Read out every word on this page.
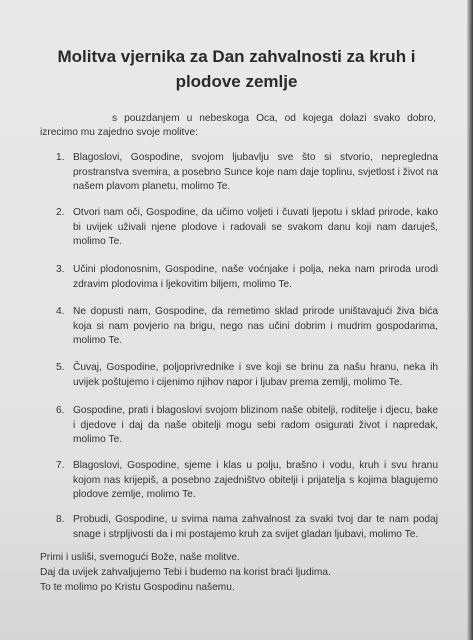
Molitva vjernika za Dan zahvalnosti za kruh i
plodove zemlje
s pouzdanjem u nebeskoga Oca, od kojega dolazi svako dobro, izrecimo mu zajedno svoje molitve:
1. Blagoslovi, Gospodine, svojom ljubavlju sve što si stvorio, nepregledna prostranstva svemira, a posebno Sunce koje nam daje toplinu, svjetlost i život na našem plavom planetu, molimo Te.
2. Otvori nam oči, Gospodine, da učimo voljeti i čuvati ljepotu i sklad prirode, kako bi uvijek uživali njene plodove i radovali se svakom danu koji nam daruješ, molimo Te.
3. Učini plodonosnim, Gospodine, naše voćnjake i polja, neka nam priroda urodi zdravim plodovima i ljekovitim biljem, molimo Te.
4. Ne dopusti nam, Gospodine, da remetimo sklad prirode uništavajući živa bića koja si nam povjerio na brigu, nego nas učini dobrim i mudrim gospodarima, molimo Te.
5. Čuvaj, Gospodine, poljoprivrednike i sve koji se brinu za našu hranu, neka ih uvijek poštujemo i cijenimo njihov napor i ljubav prema zemlji, molimo Te.
6. Gospodine, prati i blagoslovi svojom blizinom naše obitelji, roditelje i djecu, bake i djedove i daj da naše obitelji mogu sebi radom osigurati život i napredak, molimo Te.
7. Blagoslovi, Gospodine, sjeme i klas u polju, brašno i vodu, kruh i svu hranu kojom nas krijepiš, a posebno zajedništvo obitelji i prijatelja s kojima blagujemo plodove zemlje, molimo Te.
8. Probudi, Gospodine, u svima nama zahvalnost za svaki tvoj dar te nam podaj snage i strpljivosti da i mi postajemo kruh za svijet gladan ljubavi, molimo Te.
Primi i usliši, svemogući Bože, naše molitve.
Daj da uvijek zahvaljujemo Tebi i budemo na korist braći ljudima.
To te molimo po Kristu Gospodinu našemu.
